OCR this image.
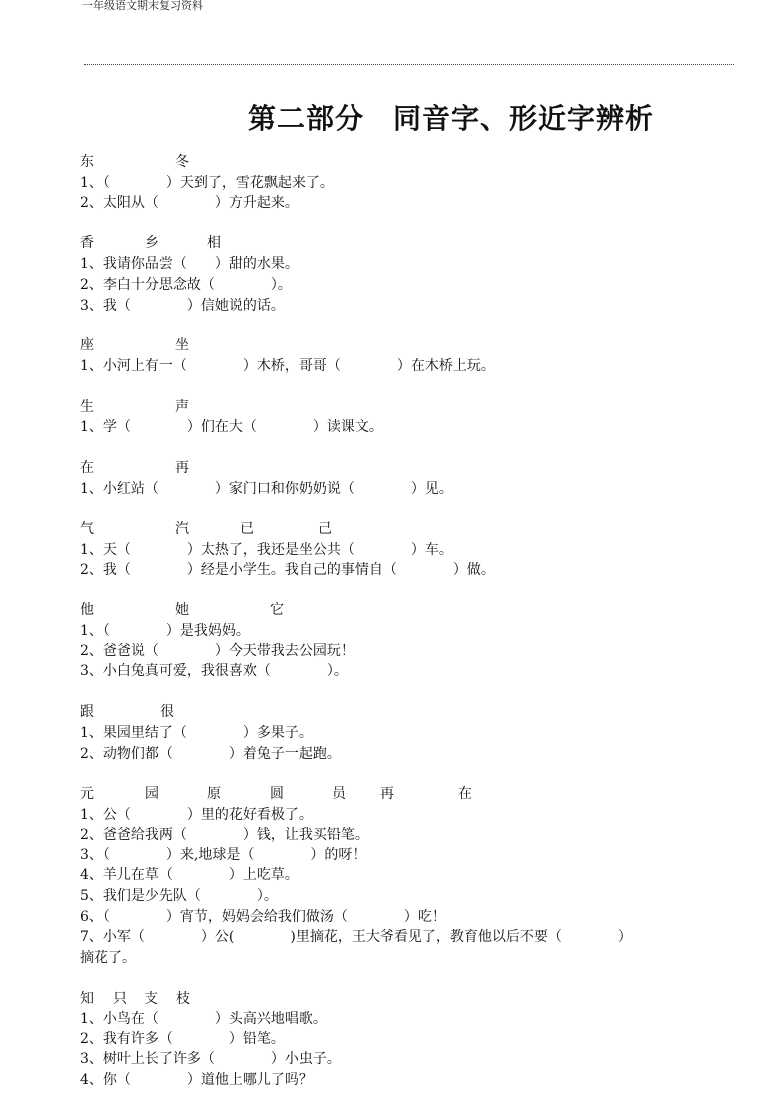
一年级语文期末复习资料
第二部分　同音字、形近字辨析
东	冬
1、（　　　　）天到了，雪花飘起来了。
2、太阳从（　　　　）方升起来。
香	乡	相
1、我请你品尝（　　）甜的水果。
2、李白十分思念故（　　　　）。
3、我（　　　　）信她说的话。
座	坐
1、小河上有一（　　　　）木桥，哥哥（　　　　）在木桥上玩。
生	声
1、学（　　　　）们在大（　　　　）读课文。
在	再
1、小红站（　　　　）家门口和你奶奶说（　　　　）见。
气	汽	已	己
1、天（　　　　）太热了，我还是坐公共（　　　　）车。
2、我（　　　　）经是小学生。我自己的事情自（　　　　）做。
他	她	它
1、（　　　　）是我妈妈。
2、爸爸说（　　　　）今天带我去公园玩！
3、小白兔真可爱，我很喜欢（　　　　）。
跟	很
1、果园里结了（　　　　）多果子。
2、动物们都（　　　　）着兔子一起跑。
元	园	原	圆	员 再	在
1、公（　　　　）里的花好看极了。
2、爸爸给我两（　　　　）钱，让我买铅笔。
3、（　　　　）来,地球是（　　　　）的呀！
4、羊儿在草（　　　　）上吃草。
5、我们是少先队（　　　　）。
6、（　　　　）宵节，妈妈会给我们做汤（　　　　）吃！
7、小军（　　　　）公(　　　　)里摘花，王大爷看见了，教育他以后不要（　　　　）
摘花了。
知 只 支 枝
1、小鸟在（　　　　）头高兴地唱歌。
2、我有许多（　　　　）铅笔。
3、树叶上长了许多（　　　　）小虫子。
4、你（　　　　）道他上哪儿了吗？
